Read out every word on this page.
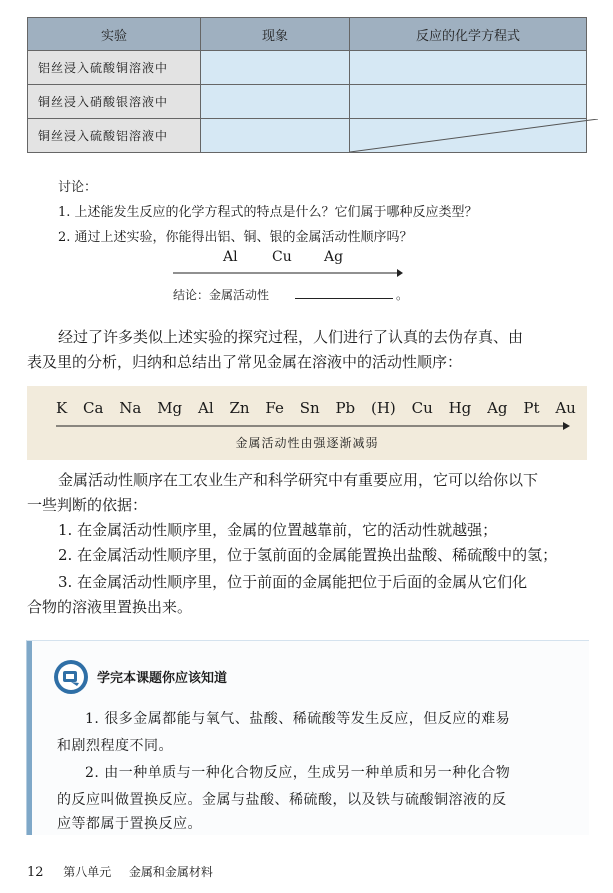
实验	现象	反应的化学方程式
铝丝浸入硫酸铜溶液中		
铜丝浸入硝酸银溶液中		
铜丝浸入硫酸铝溶液中		
讨论：
1. 上述能发生反应的化学方程式的特点是什么？它们属于哪种反应类型？
2. 通过上述实验，你能得出铝、铜、银的金属活动性顺序吗？
Al Cu Ag
结论：金属活动性	。
经过了许多类似上述实验的探究过程，人们进行了认真的去伪存真、由
表及里的分析，归纳和总结出了常见金属在溶液中的活动性顺序：
K Ca Na Mg Al Zn Fe Sn Pb (H) Cu Hg Ag Pt Au
金属活动性由强逐渐减弱
金属活动性顺序在工农业生产和科学研究中有重要应用，它可以给你以下
一些判断的依据：
1. 在金属活动性顺序里，金属的位置越靠前，它的活动性就越强；
2. 在金属活动性顺序里，位于氢前面的金属能置换出盐酸、稀硫酸中的氢；
3. 在金属活动性顺序里，位于前面的金属能把位于后面的金属从它们化
合物的溶液里置换出来。
学完本课题你应该知道
1. 很多金属都能与氧气、盐酸、稀硫酸等发生反应，但反应的难易
和剧烈程度不同。
2. 由一种单质与一种化合物反应，生成另一种单质和另一种化合物
的反应叫做置换反应。金属与盐酸、稀硫酸，以及铁与硫酸铜溶液的反
应等都属于置换反应。
12 第八单元 金属和金属材料
